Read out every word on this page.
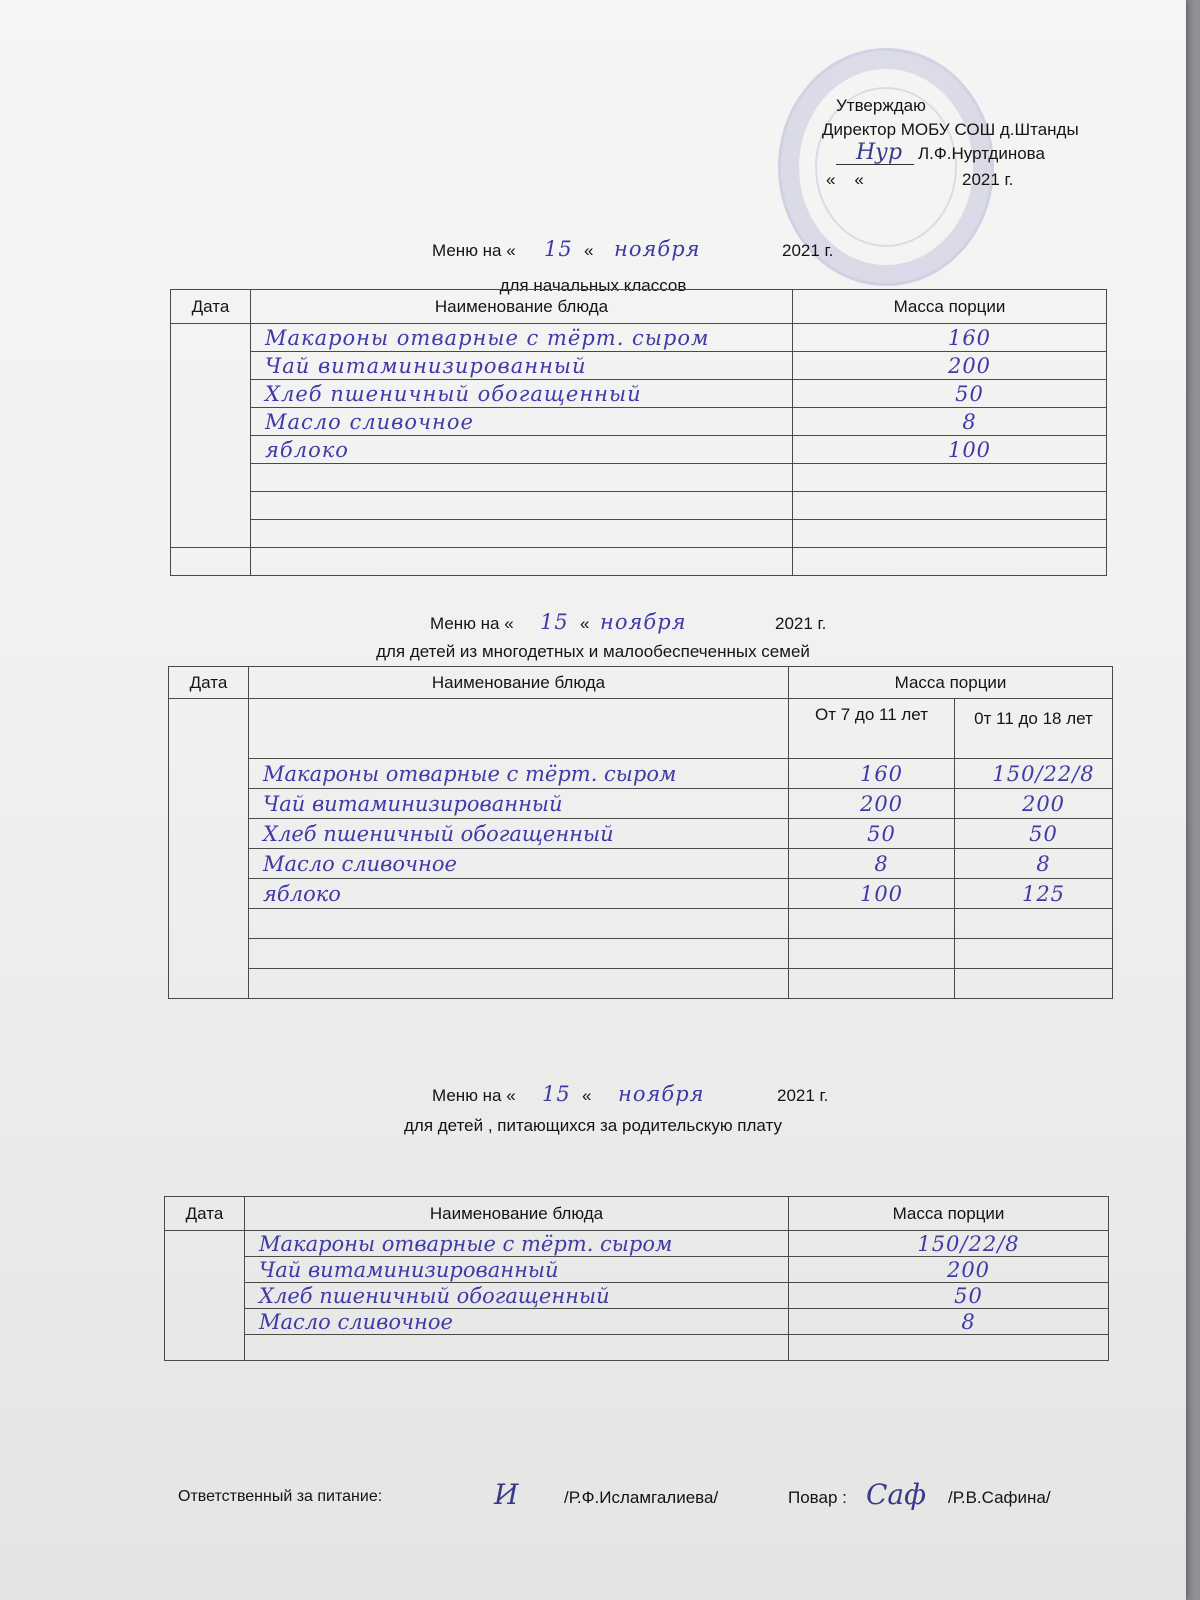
Утверждаю
Директор МОБУ СОШ д.Штанды
Нур Л.Ф.Нуртдинова
«    «	2021 г.
Меню на « 15 « ноября	2021 г.
для начальных классов
Дата	Наименование блюда	Масса порции
	Макароны отварные с тёрт. сыром	160
	Чай витаминизированный	200
	Хлеб пшеничный обогащенный	50
	Масло сливочное	8
	яблоко	100

Меню на « 15 « ноября	2021 г.
для детей из многодетных и малообеспеченных семей
Дата	Наименование блюда	Масса порции	
		От 7 до 11 лет	0т 11 до 18 лет
	Макароны отварные с тёрт. сыром	160	150/22/8
	Чай витаминизированный	200	200
	Хлеб пшеничный обогащенный	50	50
	Масло сливочное	8	8
	яблоко	100	125

Меню на « 15 « ноября	2021 г.
для детей , питающихся за родительскую плату
Дата	Наименование блюда	Масса порции
	Макароны отварные с тёрт. сыром	150/22/8
	Чай витаминизированный	200
	Хлеб пшеничный обогащенный	50
	Масло сливочное	8

Ответственный за питание:	И	/Р.Ф.Исламгалиева/	Повар : Саф /Р.В.Сафина/
